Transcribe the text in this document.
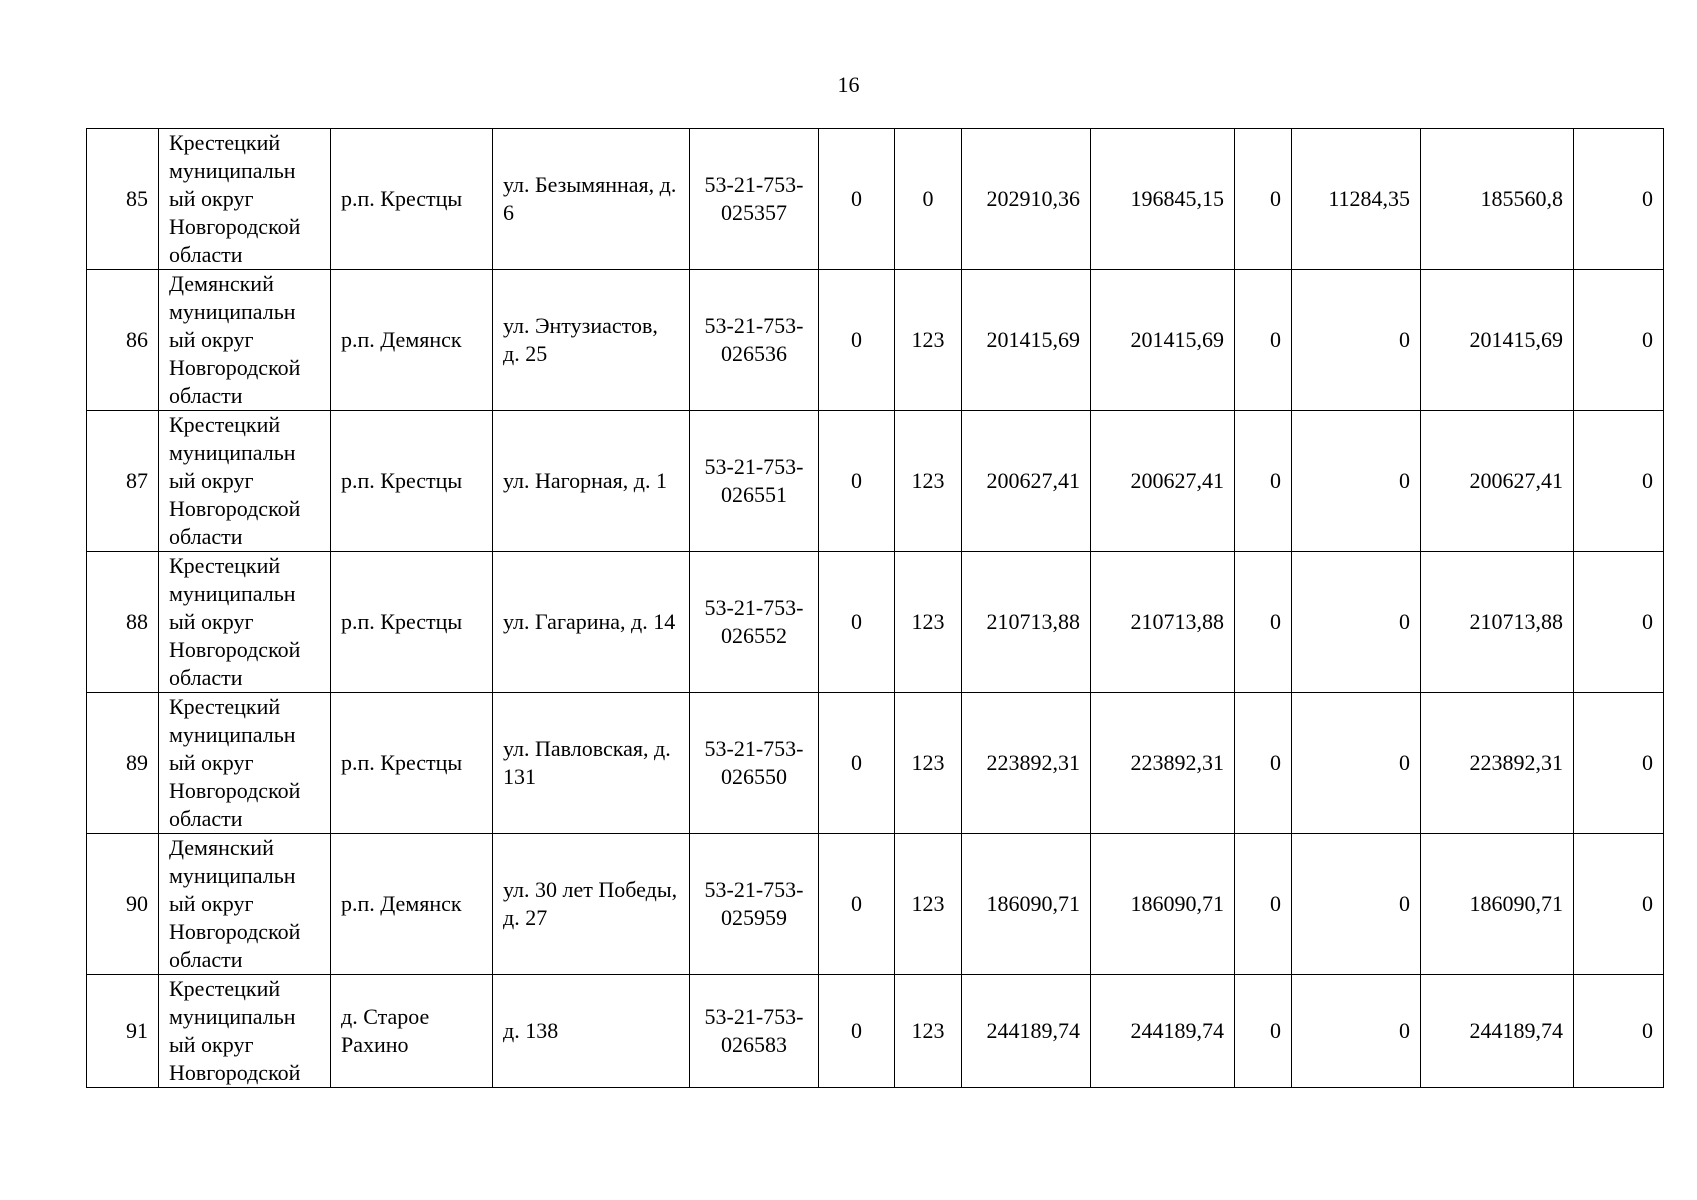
16
85	Крестецкий муниципальн ый округ Новгородской области	р.п. Крестцы	ул. Безымянная, д. 6	53-21-753-025357	0	0	202910,36	196845,15	0	11284,35	185560,8	0
86	Демянский муниципальн ый округ Новгородской области	р.п. Демянск	ул. Энтузиастов, д. 25	53-21-753-026536	0	123	201415,69	201415,69	0	0	201415,69	0
87	Крестецкий муниципальн ый округ Новгородской области	р.п. Крестцы	ул. Нагорная, д. 1	53-21-753-026551	0	123	200627,41	200627,41	0	0	200627,41	0
88	Крестецкий муниципальн ый округ Новгородской области	р.п. Крестцы	ул. Гагарина, д. 14	53-21-753-026552	0	123	210713,88	210713,88	0	0	210713,88	0
89	Крестецкий муниципальн ый округ Новгородской области	р.п. Крестцы	ул. Павловская, д. 131	53-21-753-026550	0	123	223892,31	223892,31	0	0	223892,31	0
90	Демянский муниципальн ый округ Новгородской области	р.п. Демянск	ул. 30 лет Победы, д. 27	53-21-753-025959	0	123	186090,71	186090,71	0	0	186090,71	0
91	Крестецкий муниципальн ый округ Новгородской	д. Старое Рахино	д. 138	53-21-753-026583	0	123	244189,74	244189,74	0	0	244189,74	0
